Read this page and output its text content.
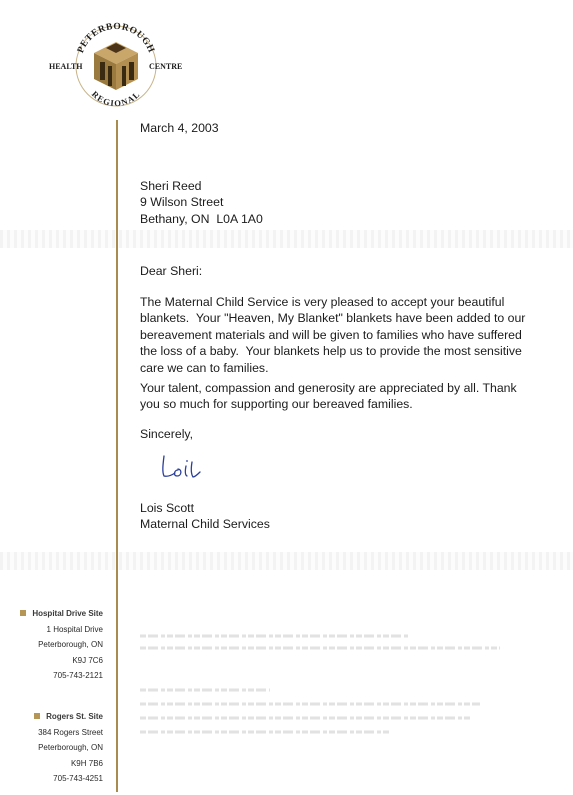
PETERBOROUGH
REGIONAL
HEALTH	CENTRE
March 4, 2003
Sheri Reed
9 Wilson Street
Bethany, ON  L0A 1A0
Dear Sheri:
The Maternal Child Service is very pleased to accept your beautiful
blankets.  Your "Heaven, My Blanket" blankets have been added to our
bereavement materials and will be given to families who have suffered
the loss of a baby.  Your blankets help us to provide the most sensitive
care we can to families.
Your talent, compassion and generosity are appreciated by all. Thank
you so much for supporting our bereaved families.
Sincerely,
Lois Scott
Maternal Child Services
Hospital Drive Site
1 Hospital Drive
Peterborough, ON
K9J 7C6
705-743-2121
Rogers St. Site
384 Rogers Street
Peterborough, ON
K9H 7B6
705-743-4251
